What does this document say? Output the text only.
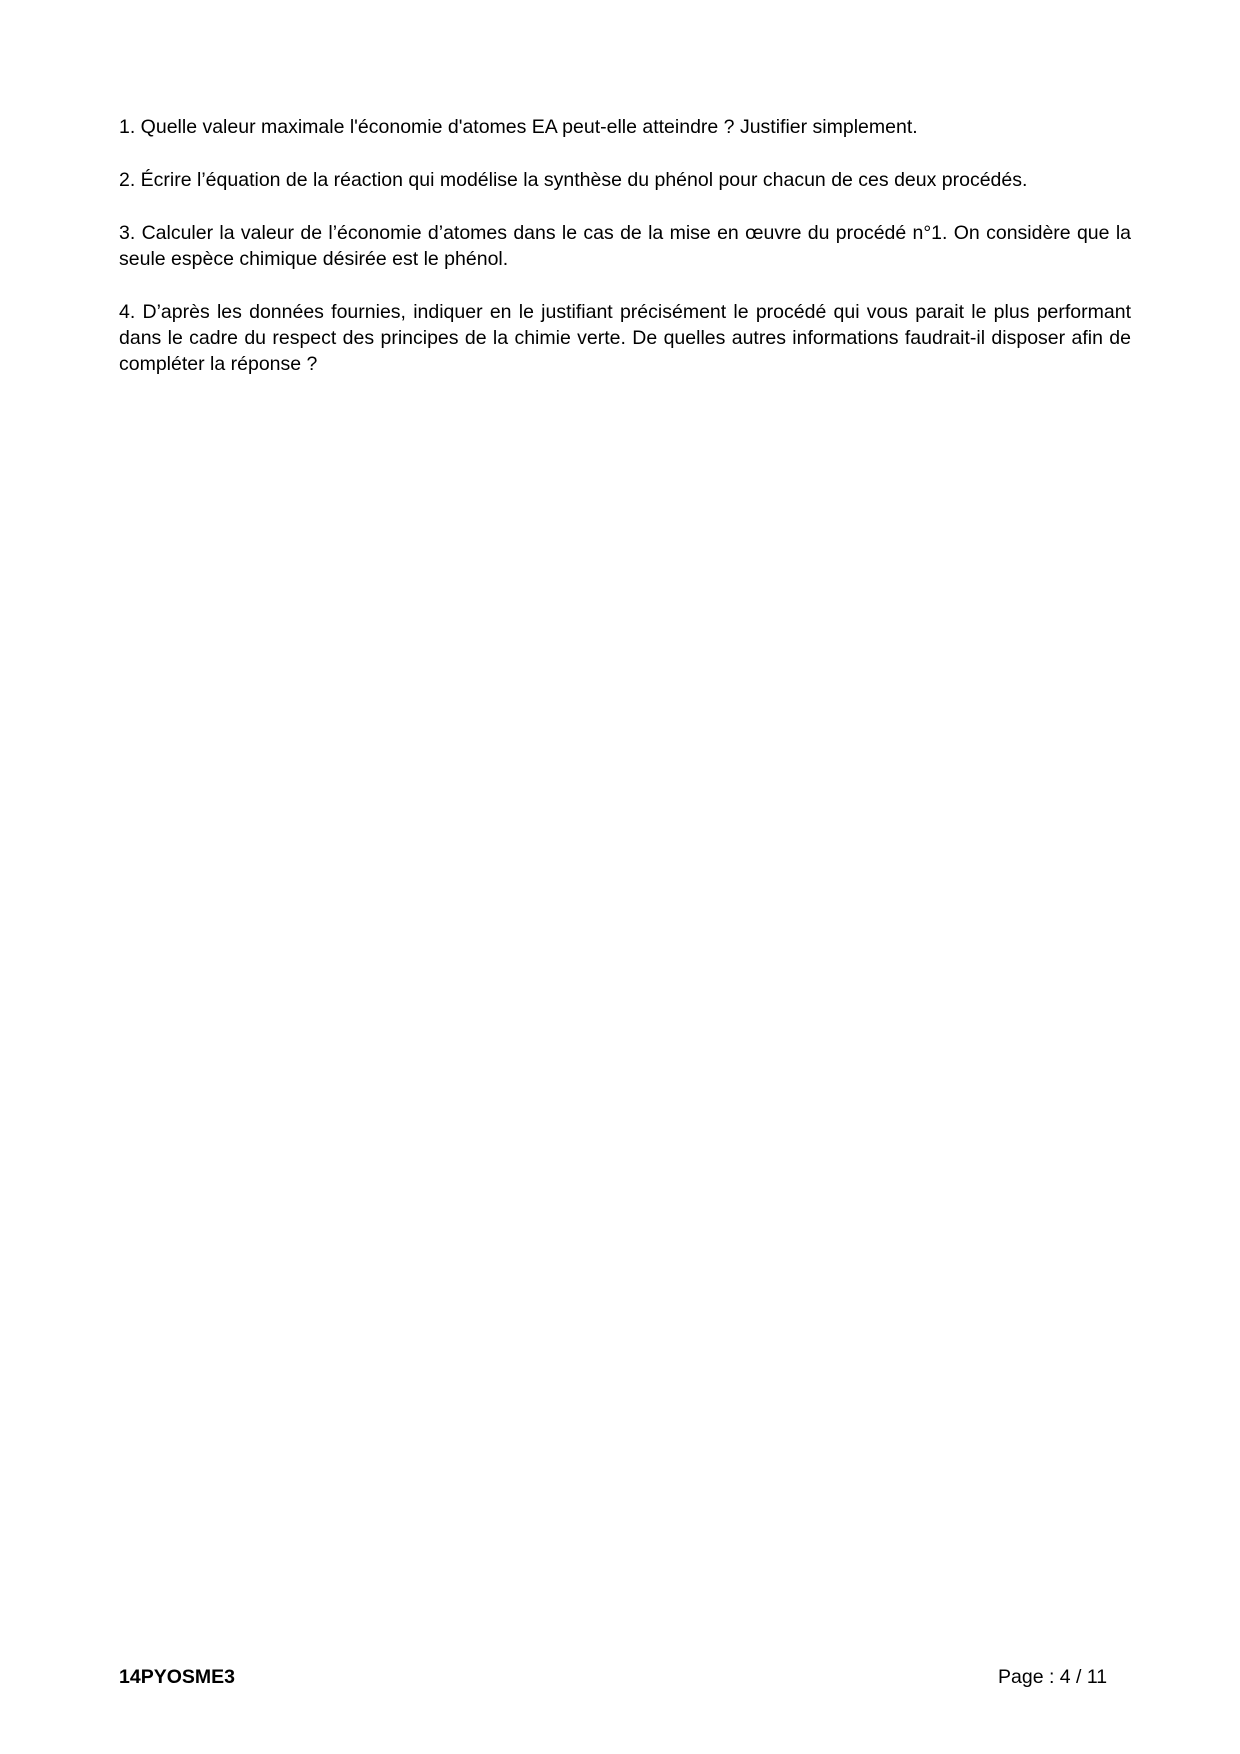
1. Quelle valeur maximale l'économie d'atomes EA peut-elle atteindre ? Justifier simplement.

2. Écrire l’équation de la réaction qui modélise la synthèse du phénol pour chacun de ces deux procédés.

3. Calculer la valeur de l’économie d’atomes dans le cas de la mise en œuvre du procédé n°1. On considère que la seule espèce chimique désirée est le phénol.

4. D’après les données fournies, indiquer en le justifiant précisément le procédé qui vous parait le plus performant dans le cadre du respect des principes de la chimie verte. De quelles autres informations faudrait-il disposer afin de compléter la réponse ?

14PYOSME3	Page : 4 / 11
